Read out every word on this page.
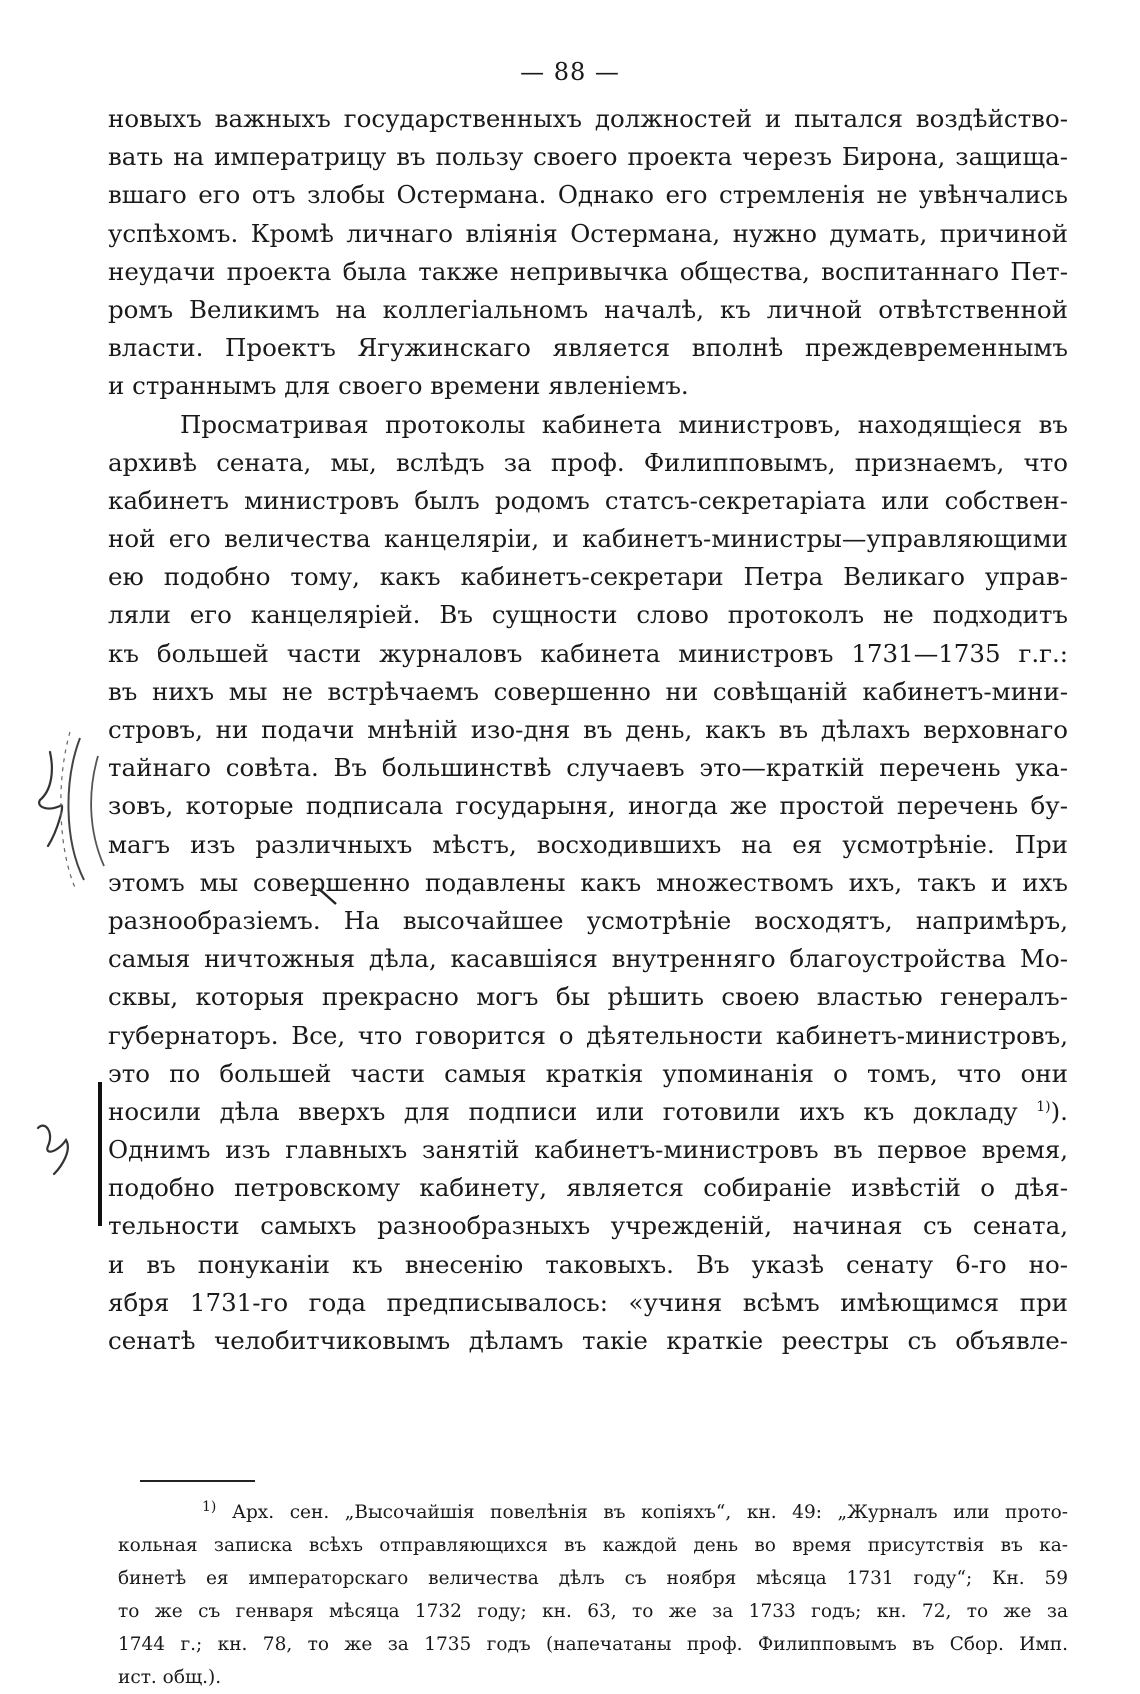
— 88 —
новыхъ важныхъ государственныхъ должностей и пытался воздѣйство-
вать на императрицу въ пользу своего проекта черезъ Бирона, защища-
вшаго его отъ злобы Остермана. Однако его стремленія не увѣнчались
успѣхомъ. Кромѣ личнаго вліянія Остермана, нужно думать, причиной
неудачи проекта была также непривычка общества, воспитаннаго Пет-
ромъ Великимъ на коллегіальномъ началѣ, къ личной отвѣтственной
власти. Проектъ Ягужинскаго является вполнѣ преждевременнымъ
и страннымъ для своего времени явленіемъ.
Просматривая протоколы кабинета министровъ, находящіеся въ
архивѣ сената, мы, вслѣдъ за проф. Филипповымъ, признаемъ, что
кабинетъ министровъ былъ родомъ статсъ-секретаріата или собствен-
ной его величества канцеляріи, и кабинетъ-министры—управляющими
ею подобно тому, какъ кабинетъ-секретари Петра Великаго управ-
ляли его канцеляріей. Въ сущности слово протоколъ не подходитъ
къ большей части журналовъ кабинета министровъ 1731—1735 г.г.:
въ нихъ мы не встрѣчаемъ совершенно ни совѣщаній кабинетъ-мини-
стровъ, ни подачи мнѣній изо-дня въ день, какъ въ дѣлахъ верховнаго
тайнаго совѣта. Въ большинствѣ случаевъ это—краткій перечень ука-
зовъ, которые подписала государыня, иногда же простой перечень бу-
магъ изъ различныхъ мѣстъ, восходившихъ на ея усмотрѣніе. При
этомъ мы совершенно подавлены какъ множествомъ ихъ, такъ и ихъ
разнообразіемъ. На высочайшее усмотрѣніе восходятъ, напримѣръ,
самыя ничтожныя дѣла, касавшіяся внутренняго благоустройства Мо-
сквы, которыя прекрасно могъ бы рѣшить своею властью генералъ-
губернаторъ. Все, что говорится о дѣятельности кабинетъ-министровъ,
это по большей части самыя краткія упоминанія о томъ, что они
носили дѣла вверхъ для подписи или готовили ихъ къ докладу $^{1)}$).
Однимъ изъ главныхъ занятій кабинетъ-министровъ въ первое время,
подобно петровскому кабинету, является собираніе извѣстій о дѣя-
тельности самыхъ разнообразныхъ учрежденій, начиная съ сената,
и въ понуканіи къ внесенію таковыхъ. Въ указѣ сенату 6-го но-
ября 1731-го года предписывалось: «учиня всѣмъ имѣющимся при
сенатѣ челобитчиковымъ дѣламъ такіе краткіе реестры съ объявле-
$^{1)}$ Арх. сен. „Высочайшія повелѣнія въ копіяхъ“, кн. 49: „Журналъ или прото-
кольная записка всѣхъ отправляющихся въ каждой день во время присутствія въ ка-
бинетѣ ея императорскаго величества дѣлъ съ ноября мѣсяца 1731 году“; Кн. 59
то же съ генваря мѣсяца 1732 году; кн. 63, то же за 1733 годъ; кн. 72, то же за
1744 г.; кн. 78, то же за 1735 годъ (напечатаны проф. Филипповымъ въ Сбор. Имп.
ист. общ.).
